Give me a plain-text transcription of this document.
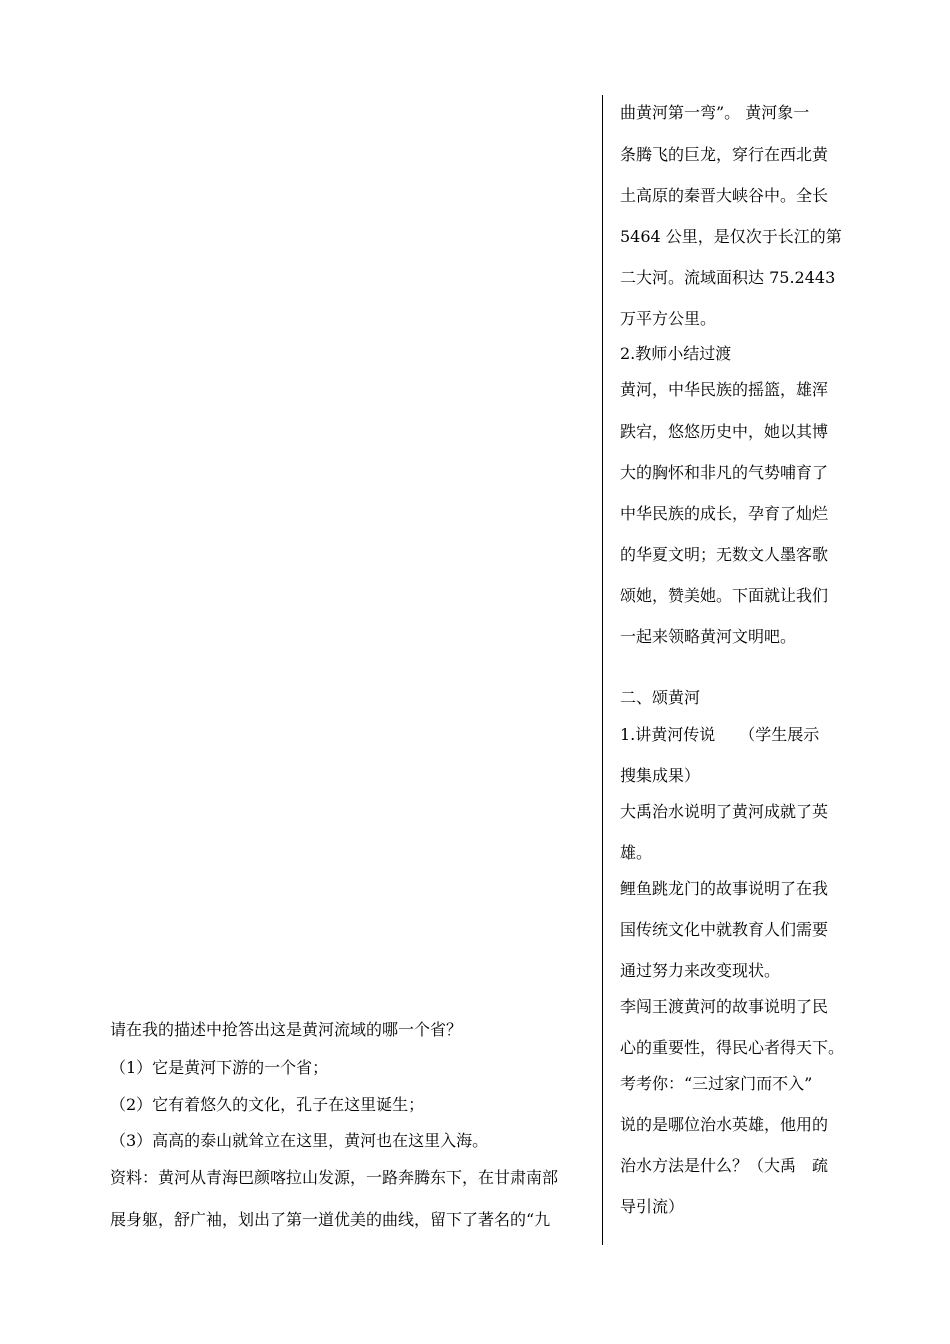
请在我的描述中抢答出这是黄河流域的哪一个省？
（1）它是黄河下游的一个省；
（2）它有着悠久的文化，孔子在这里诞生；
（3）高高的泰山就耸立在这里，黄河也在这里入海。
资料：黄河从青海巴颜喀拉山发源，一路奔腾东下，在甘肃南部
展身躯，舒广袖，划出了第一道优美的曲线，留下了著名的“九
曲黄河第一弯”。 黄河象一
条腾飞的巨龙，穿行在西北黄
土高原的秦晋大峡谷中。全长
5464 公里，是仅次于长江的第
二大河。流域面积达 75.2443
万平方公里。
2.教师小结过渡
黄河，中华民族的摇篮，雄浑
跌宕，悠悠历史中，她以其博
大的胸怀和非凡的气势哺育了
中华民族的成长，孕育了灿烂
的华夏文明；无数文人墨客歌
颂她，赞美她。下面就让我们
一起来领略黄河文明吧。
二、颂黄河
1.讲黄河传说　　（学生展示
搜集成果）
大禹治水说明了黄河成就了英
雄。
鲤鱼跳龙门的故事说明了在我
国传统文化中就教育人们需要
通过努力来改变现状。
李闯王渡黄河的故事说明了民
心的重要性，得民心者得天下。
考考你：“三过家门而不入”
说的是哪位治水英雄，他用的
治水方法是什么？（大禹　疏
导引流）
